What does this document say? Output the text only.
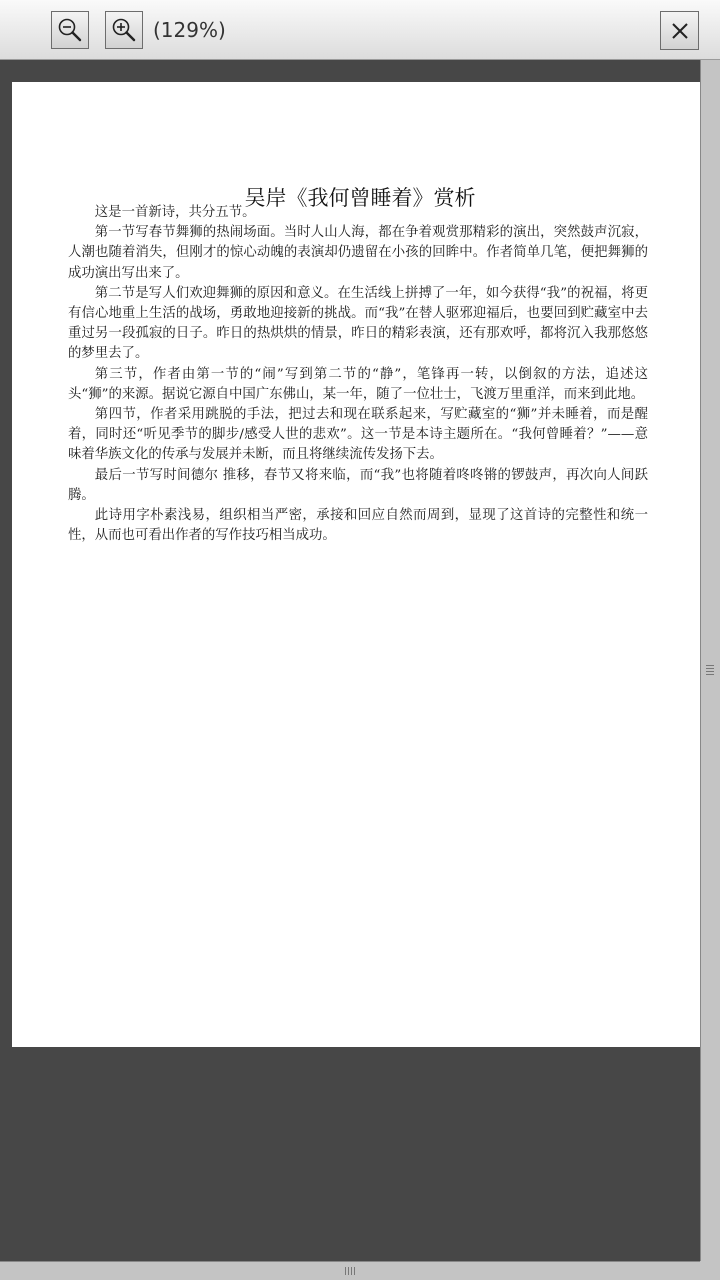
(129%)
吴岸《我何曾睡着》赏析

这是一首新诗，共分五节。

第一节写春节舞狮的热闹场面。当时人山人海，都在争着观赏那精彩的演出，突然鼓声沉寂，人潮也随着消失，但刚才的惊心动魄的表演却仍遗留在小孩的回眸中。作者简单几笔，便把舞狮的成功演出写出来了。

第二节是写人们欢迎舞狮的原因和意义。在生活线上拼搏了一年，如今获得“我”的祝福，将更有信心地重上生活的战场，勇敢地迎接新的挑战。而“我”在替人驱邪迎福后，也要回到贮藏室中去重过另一段孤寂的日子。昨日的热烘烘的情景，昨日的精彩表演，还有那欢呼，都将沉入我那悠悠的梦里去了。

第三节，作者由第一节的“闹”写到第二节的“静”，笔锋再一转，以倒叙的方法，追述这头“狮”的来源。据说它源自中国广东佛山，某一年，随了一位壮士，飞渡万里重洋，而来到此地。

第四节，作者采用跳脱的手法，把过去和现在联系起来，写贮藏室的“狮”并未睡着，而是醒着，同时还“听见季节的脚步/感受人世的悲欢”。这一节是本诗主题所在。“我何曾睡着？”——意味着华族文化的传承与发展并未断，而且将继续流传发扬下去。

最后一节写时间德尔 推移，春节又将来临，而“我”也将随着咚咚锵的锣鼓声，再次向人间跃腾。

此诗用字朴素浅易，组织相当严密，承接和回应自然而周到，显现了这首诗的完整性和统一性，从而也可看出作者的写作技巧相当成功。
